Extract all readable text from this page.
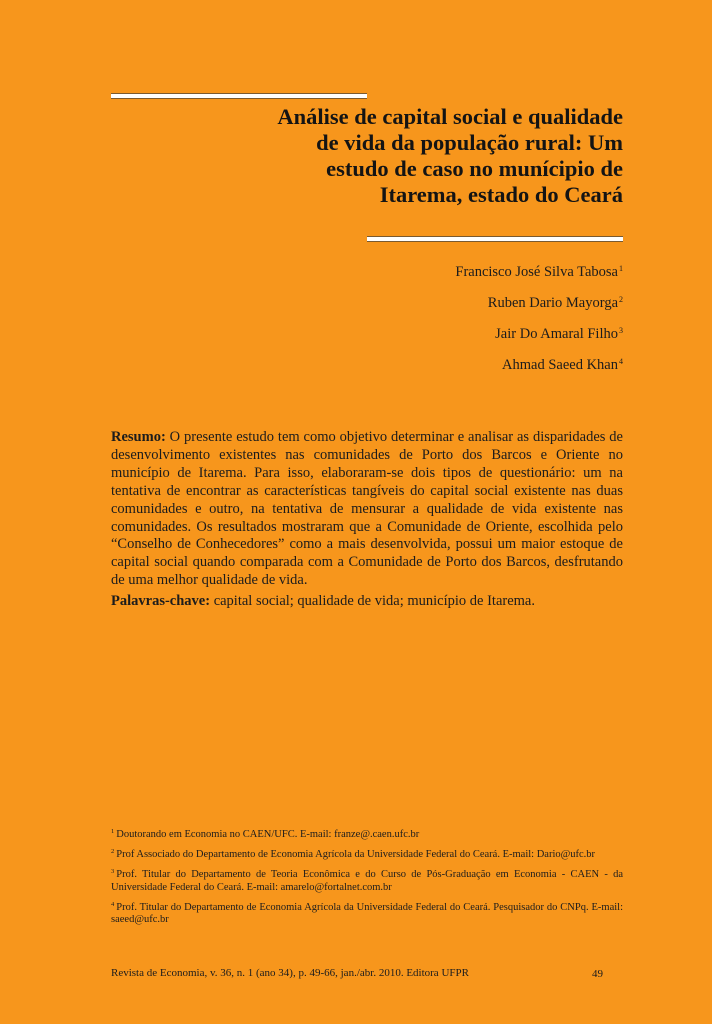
Análise de capital social e qualidade
de vida da população rural: Um
estudo de caso no munícipio de
Itarema, estado do Ceará
Francisco José Silva Tabosa$^1$
Ruben Dario Mayorga$^2$
Jair Do Amaral Filho$^3$
Ahmad Saeed Khan$^4$
Resumo: O presente estudo tem como objetivo determinar e analisar as disparidades de desenvolvimento existentes nas comunidades de Porto dos Barcos e Oriente no município de Itarema. Para isso, elaboraram-se dois tipos de questionário: um na tentativa de encontrar as características tangíveis do capital social existente nas duas comunidades e outro, na tentativa de mensurar a qualidade de vida existente nas comunidades. Os resultados mostraram que a Comunidade de Oriente, escolhida pelo “Conselho de Conhecedores” como a mais desenvolvida, possui um maior estoque de capital social quando comparada com a Comunidade de Porto dos Barcos, desfrutando de uma melhor qualidade de vida.
Palavras-chave: capital social; qualidade de vida; município de Itarema.
$^1$ Doutorando em Economia no CAEN/UFC. E-mail: franze@.caen.ufc.br
$^2$ Prof Associado do Departamento de Economia Agrícola da Universidade Federal do Ceará. E-mail: Dario@ufc.br
$^3$ Prof. Titular do Departamento de Teoria Econômica e do Curso de Pós-Graduação em Economia - CAEN - da Universidade Federal do Ceará. E-mail: amarelo@fortalnet.com.br
$^4$ Prof. Titular do Departamento de Economia Agrícola da Universidade Federal do Ceará. Pesquisador do CNPq. E-mail: saeed@ufc.br
Revista de Economia, v. 36, n. 1 (ano 34), p. 49-66, jan./abr. 2010. Editora UFPR	49
